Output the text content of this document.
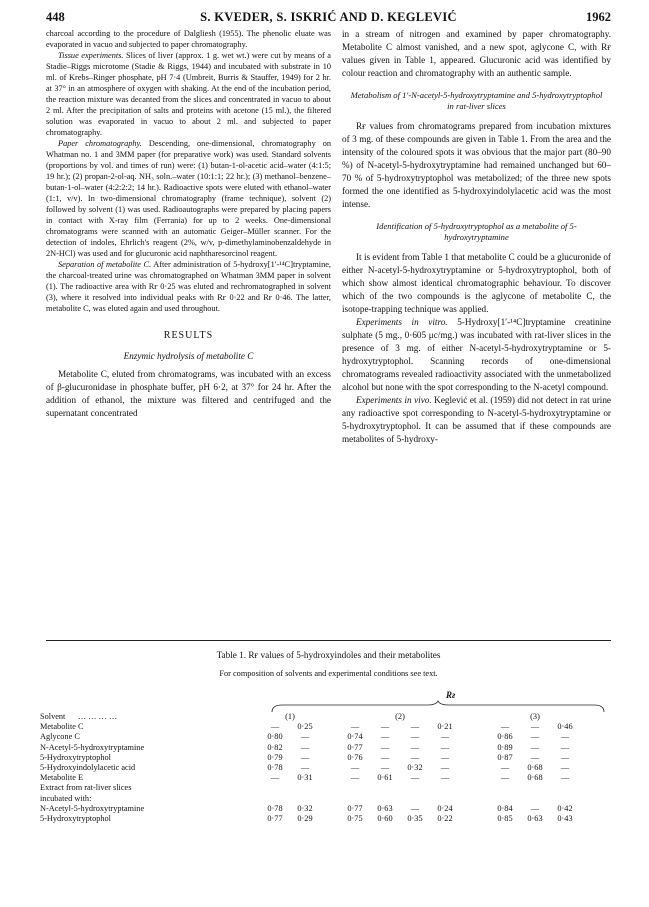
448	S. KVEDER, S. ISKRIĆ AND D. KEGLEVIĆ	1962

charcoal according to the procedure of Dalgliesh (1955). The phenolic eluate was evaporated in vacuo and subjected to paper chromatography.

Tissue experiments. Slices of liver (approx. 1 g. wet wt.) were cut by means of a Stadie–Riggs microtome (Stadie & Riggs, 1944) and incubated with substrate in 10 ml. of Krebs–Ringer phosphate, pH 7·4 (Umbreit, Burris & Stauffer, 1949) for 2 hr. at 37° in an atmosphere of oxygen with shaking. At the end of the incubation period, the reaction mixture was decanted from the slices and concentrated in vacuo to about 2 ml. After the precipitation of salts and proteins with acetone (15 ml.), the filtered solution was evaporated in vacuo to about 2 ml. and subjected to paper chromatography.

Paper chromatography. Descending, one-dimensional, chromatography on Whatman no. 1 and 3MM paper (for preparative work) was used. Standard solvents (proportions by vol. and times of run) were: (1) butan-1-ol-acetic acid–water (4:1:5; 19 hr.); (2) propan-2-ol-aq. NH₃ soln.–water (10:1:1; 22 hr.); (3) methanol–benzene–butan-1-ol–water (4:2:2:2; 14 hr.). Radioactive spots were eluted with ethanol–water (1:1, v/v). In two-dimensional chromatography (frame technique), solvent (2) followed by solvent (1) was used. Radioautographs were prepared by placing papers in contact with X-ray film (Ferrania) for up to 2 weeks. One-dimensional chromatograms were scanned with an automatic Geiger–Müller scanner. For the detection of indoles, Ehrlich's reagent (2%, w/v, p-dimethylaminobenzaldehyde in 2N-HCl) was used and for glucuronic acid naphtharesorcinol reagent.

Separation of metabolite C. After administration of 5-hydroxy[1′-¹⁴C]tryptamine, the charcoal-treated urine was chromatographed on Whatman 3MM paper in solvent (1). The radioactive area with Rғ 0·25 was eluted and rechromatographed in solvent (3), where it resolved into individual peaks with Rғ 0·22 and Rғ 0·46. The latter, metabolite C, was eluted again and used throughout.

RESULTS
Enzymic hydrolysis of metabolite C

Metabolite C, eluted from chromatograms, was incubated with an excess of β-glucuronidase in phosphate buffer, pH 6·2, at 37° for 24 hr. After the addition of ethanol, the mixture was filtered and centrifuged and the supernatant concentrated

in a stream of nitrogen and examined by paper chromatography. Metabolite C almost vanished, and a new spot, aglycone C, with Rғ values given in Table 1, appeared. Glucuronic acid was identified by colour reaction and chromatography with an authentic sample.

Metabolism of 1′-N-acetyl-5-hydroxytryptamine and 5-hydroxytryptophol in rat-liver slices

Rғ values from chromatograms prepared from incubation mixtures of 3 mg. of these compounds are given in Table 1. From the area and the intensity of the coloured spots it was obvious that the major part (80–90 %) of N-acetyl-5-hydroxytryptamine had remained unchanged but 60–70 % of 5-hydroxytryptophol was metabolized; of the three new spots formed the one identified as 5-hydroxyindolylacetic acid was the most intense.

Identification of 5-hydroxytryptophol as a metabolite of 5-hydroxytryptamine

It is evident from Table 1 that metabolite C could be a glucuronide of either N-acetyl-5-hydroxytryptamine or 5-hydroxytryptophol, both of which show almost identical chromatographic behaviour. To discover which of the two compounds is the aglycone of metabolite C, the isotope-trapping technique was applied.

Experiments in vitro. 5-Hydroxy[1′-¹⁴C]tryptamine creatinine sulphate (5 mg., 0·605 μc/mg.) was incubated with rat-liver slices in the presence of 3 mg. of either N-acetyl-5-hydroxytryptamine or 5-hydroxytryptophol. Scanning records of one-dimensional chromatograms revealed radioactivity associated with the unmetabolized alcohol but none with the spot corresponding to the N-acetyl compound.

Experiments in vivo. Keglević et al. (1959) did not detect in rat urine any radioactive spot corresponding to N-acetyl-5-hydroxytryptamine or 5-hydroxytryptophol. It can be assumed that if these compounds are metabolites of 5-hydroxy-

Table 1. Rғ values of 5-hydroxyindoles and their metabolites
For composition of solvents and experimental conditions see text.
Rғ
Solvent … … … …	(1)			(2)					(3)		
Metabolite C	—	0·25		—	—	—	0·21		—	—	0·46
Aglycone C	0·80	—		0·74	—	—	—		0·86	—	—
N-Acetyl-5-hydroxytryptamine	0·82	—		0·77	—	—	—		0·89	—	—
5-Hydroxytryptophol	0·79	—		0·76	—	—	—		0·87	—	—
5-Hydroxyindolylacetic acid	0·78	—		—	—	0·32	—		—	0·68	—
Metabolite E	—	0·31		—	0·61	—	—		—	0·68	—
Extract from rat-liver slices											
incubated with:											
N-Acetyl-5-hydroxytryptamine	0·78	0·32		0·77	0·63	—	0·24		0·84	—	0·42
5-Hydroxytryptophol	0·77	0·29		0·75	0·60	0·35	0·22		0·85	0·63	0·43
